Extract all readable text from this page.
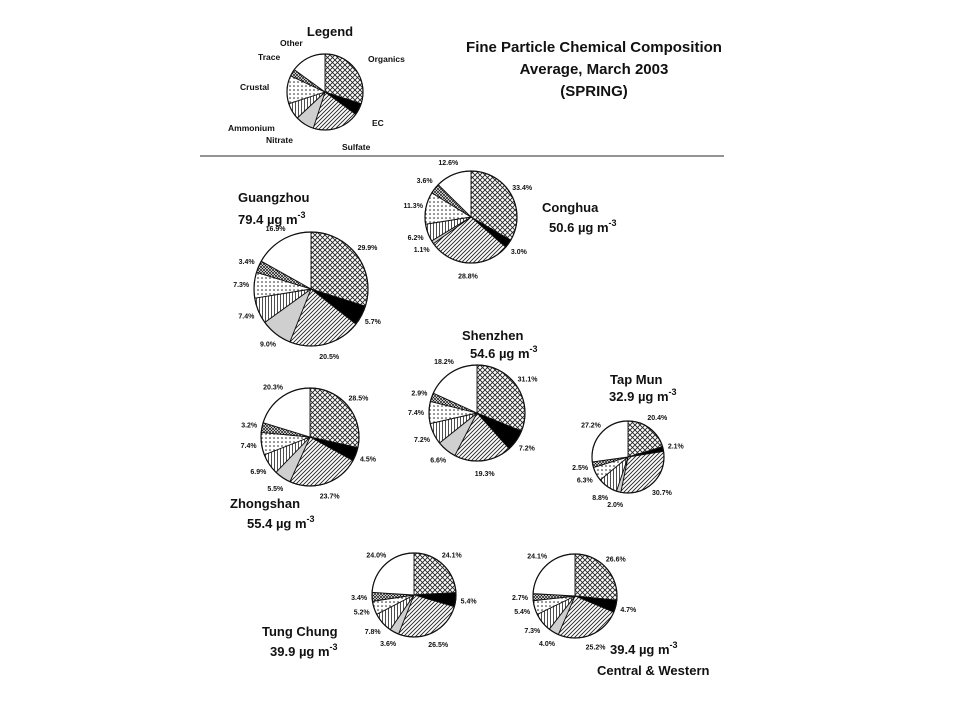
Fine Particle Chemical Composition
Average, March 2003
(SPRING)
Legend
Organics
EC
Sulfate
Nitrate
Ammonium
Crustal
Trace
Other
Guangzhou
79.4 µg $m^{-3}$	Conghua
50.6 µg $m^{-3}$
Shenzhen
54.6 µg $m^{-3}$
Tap Mun
32.9 µg $m^{-3}$
Zhongshan
55.4 µg $m^{-3}$
Tung Chung
39.9 µg $m^{-3}$	39.4 µg $m^{-3}$
Central & Western
29.9%
5.7%
20.5%
9.0%
7.4%
7.3%
3.4%
16.9%
33.4%
3.0%
28.8%
1.1%
6.2%
11.3%
3.6%
12.6%
31.1%
7.2%
19.3%
6.6%
7.2%
7.4%
2.9%
18.2%
20.4%
2.1%
30.7%
2.0%
8.8%
6.3%
2.5%
27.2%
28.5%
4.5%
23.7%
5.5%
6.9%
7.4%
3.2%
20.3%
24.1%
5.4%
26.5%
3.6%
7.8%
5.2%
3.4%
24.0%
26.6%
4.7%
25.2%
4.0%
7.3%
5.4%
2.7%
24.1%
